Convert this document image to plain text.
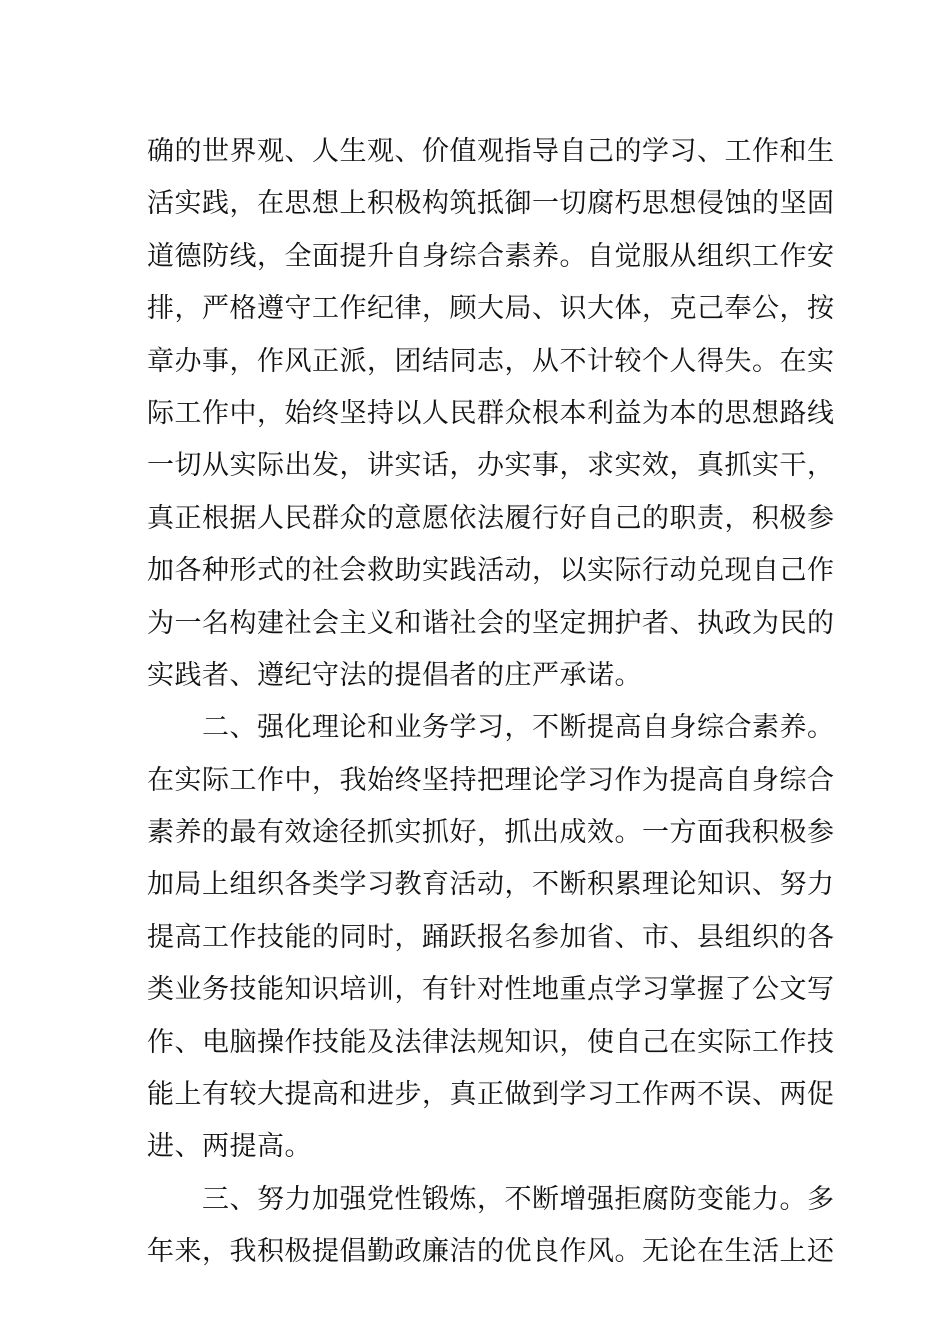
确的世界观、人生观、价值观指导自己的学习、工作和生
活实践，在思想上积极构筑抵御一切腐朽思想侵蚀的坚固
道德防线，全面提升自身综合素养。自觉服从组织工作安
排，严格遵守工作纪律，顾大局、识大体，克己奉公，按
章办事，作风正派，团结同志，从不计较个人得失。在实
际工作中，始终坚持以人民群众根本利益为本的思想路线
一切从实际出发，讲实话，办实事，求实效，真抓实干，
真正根据人民群众的意愿依法履行好自己的职责，积极参
加各种形式的社会救助实践活动，以实际行动兑现自己作
为一名构建社会主义和谐社会的坚定拥护者、执政为民的
实践者、遵纪守法的提倡者的庄严承诺。
　　二、强化理论和业务学习，不断提高自身综合素养。
在实际工作中，我始终坚持把理论学习作为提高自身综合
素养的最有效途径抓实抓好，抓出成效。一方面我积极参
加局上组织各类学习教育活动，不断积累理论知识、努力
提高工作技能的同时，踊跃报名参加省、市、县组织的各
类业务技能知识培训，有针对性地重点学习掌握了公文写
作、电脑操作技能及法律法规知识，使自己在实际工作技
能上有较大提高和进步，真正做到学习工作两不误、两促
进、两提高。
　　三、努力加强党性锻炼，不断增强拒腐防变能力。多
年来，我积极提倡勤政廉洁的优良作风。无论在生活上还
